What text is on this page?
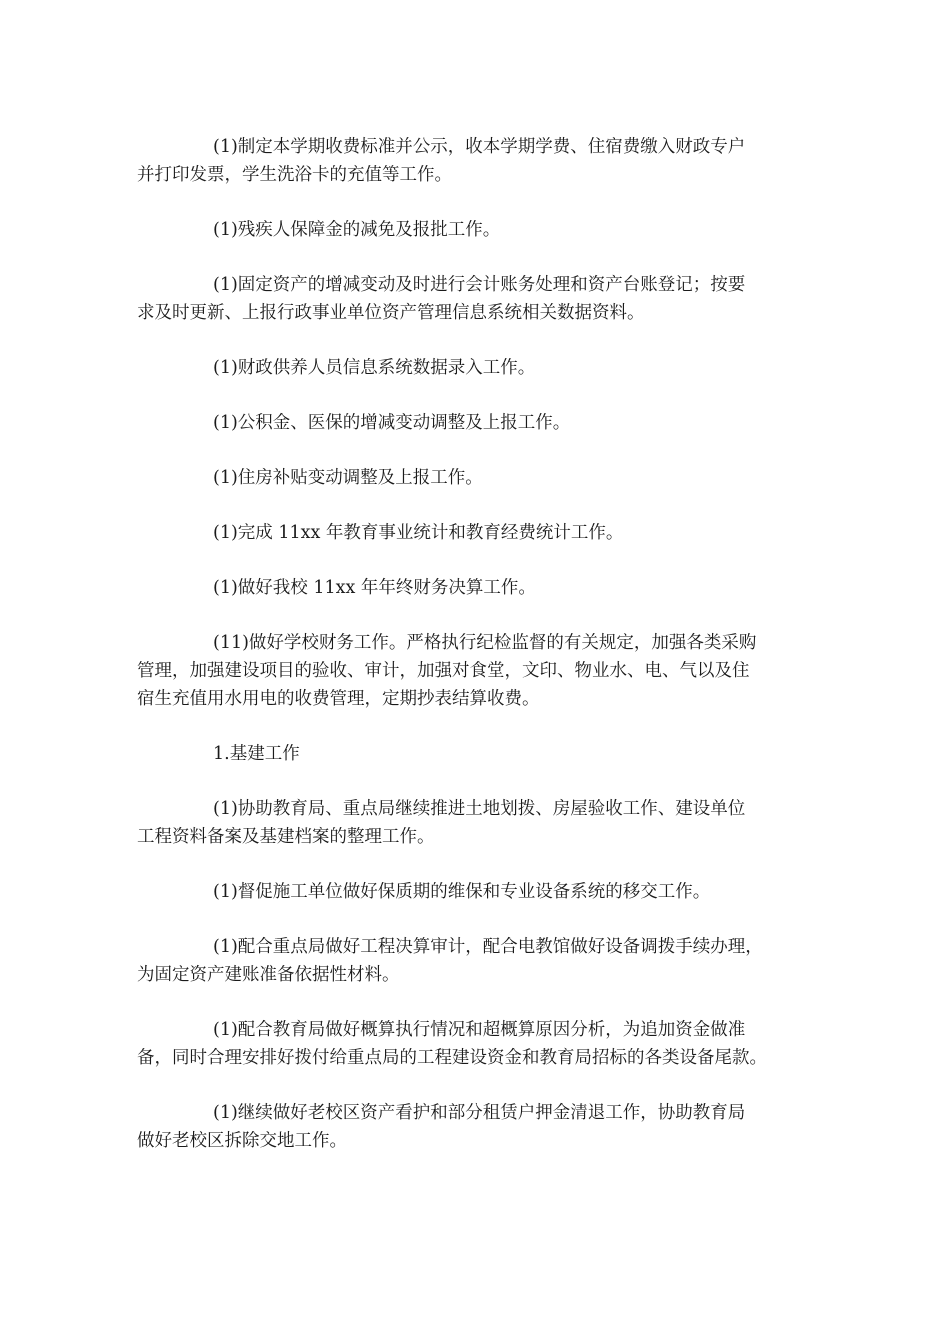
(1)制定本学期收费标准并公示，收本学期学费、住宿费缴入财政专户
并打印发票，学生洗浴卡的充值等工作。

(1)残疾人保障金的减免及报批工作。

(1)固定资产的增减变动及时进行会计账务处理和资产台账登记；按要
求及时更新、上报行政事业单位资产管理信息系统相关数据资料。

(1)财政供养人员信息系统数据录入工作。

(1)公积金、医保的增减变动调整及上报工作。

(1)住房补贴变动调整及上报工作。

(1)完成 11xx 年教育事业统计和教育经费统计工作。

(1)做好我校 11xx 年年终财务决算工作。

(11)做好学校财务工作。严格执行纪检监督的有关规定，加强各类采购
管理，加强建设项目的验收、审计，加强对食堂，文印、物业水、电、气以及住
宿生充值用水用电的收费管理，定期抄表结算收费。

1.基建工作

(1)协助教育局、重点局继续推进土地划拨、房屋验收工作、建设单位
工程资料备案及基建档案的整理工作。

(1)督促施工单位做好保质期的维保和专业设备系统的移交工作。

(1)配合重点局做好工程决算审计，配合电教馆做好设备调拨手续办理，
为固定资产建账准备依据性材料。

(1)配合教育局做好概算执行情况和超概算原因分析，为追加资金做准
备，同时合理安排好拨付给重点局的工程建设资金和教育局招标的各类设备尾款。

(1)继续做好老校区资产看护和部分租赁户押金清退工作，协助教育局
做好老校区拆除交地工作。
